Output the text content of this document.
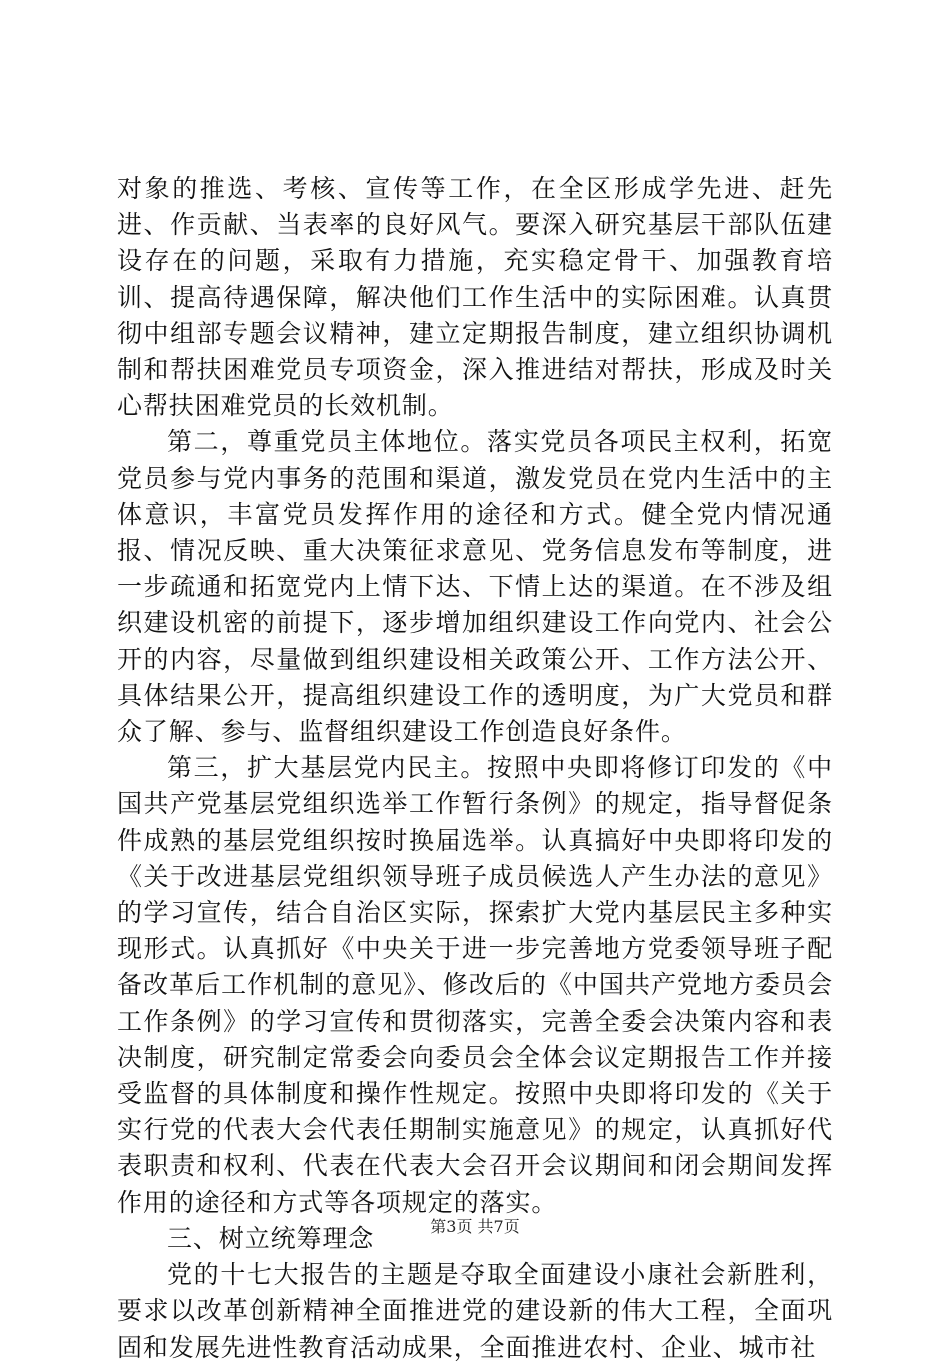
对象的推选、考核、宣传等工作，在全区形成学先进、赶先进、作贡献、当表率的良好风气。要深入研究基层干部队伍建设存在的问题，采取有力措施，充实稳定骨干、加强教育培训、提高待遇保障，解决他们工作生活中的实际困难。认真贯彻中组部专题会议精神，建立定期报告制度，建立组织协调机制和帮扶困难党员专项资金，深入推进结对帮扶，形成及时关心帮扶困难党员的长效机制。

第二，尊重党员主体地位。落实党员各项民主权利，拓宽党员参与党内事务的范围和渠道，激发党员在党内生活中的主体意识，丰富党员发挥作用的途径和方式。健全党内情况通报、情况反映、重大决策征求意见、党务信息发布等制度，进一步疏通和拓宽党内上情下达、下情上达的渠道。在不涉及组织建设机密的前提下，逐步增加组织建设工作向党内、社会公开的内容，尽量做到组织建设相关政策公开、工作方法公开、具体结果公开，提高组织建设工作的透明度，为广大党员和群众了解、参与、监督组织建设工作创造良好条件。

第三，扩大基层党内民主。按照中央即将修订印发的《中国共产党基层党组织选举工作暂行条例》的规定，指导督促条件成熟的基层党组织按时换届选举。认真搞好中央即将印发的《关于改进基层党组织领导班子成员候选人产生办法的意见》的学习宣传，结合自治区实际，探索扩大党内基层民主多种实现形式。认真抓好《中央关于进一步完善地方党委领导班子配备改革后工作机制的意见》、修改后的《中国共产党地方委员会工作条例》的学习宣传和贯彻落实，完善全委会决策内容和表决制度，研究制定常委会向委员会全体会议定期报告工作并接受监督的具体制度和操作性规定。按照中央即将印发的《关于实行党的代表大会代表任期制实施意见》的规定，认真抓好代表职责和权利、代表在代表大会召开会议期间和闭会期间发挥作用的途径和方式等各项规定的落实。

三、树立统筹理念

党的十七大报告的主题是夺取全面建设小康社会新胜利，要求以改革创新精神全面推进党的建设新的伟大工程，全面巩固和发展先进性教育活动成果，全面推进农村、企业、城市社

第3页 共7页
